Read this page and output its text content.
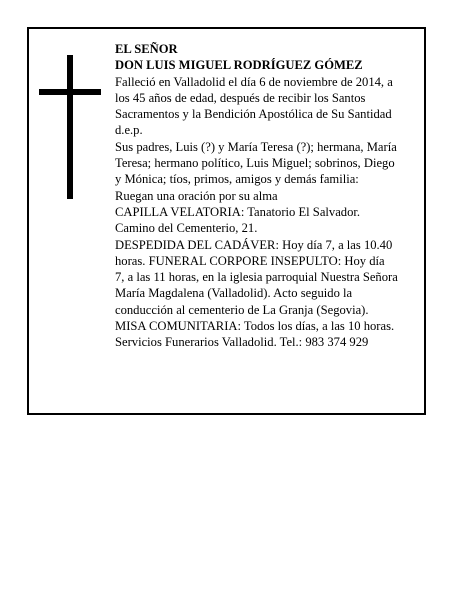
EL SEÑOR
DON LUIS MIGUEL RODRÍGUEZ GÓMEZ
Falleció en Valladolid el día 6 de noviembre de 2014, a
los 45 años de edad, después de recibir los Santos
Sacramentos y la Bendición Apostólica de Su Santidad
d.e.p.
Sus padres, Luis (?) y María Teresa (?); hermana, María
Teresa; hermano político, Luis Miguel; sobrinos, Diego
y Mónica; tíos, primos, amigos y demás familia:
Ruegan una oración por su alma
CAPILLA VELATORIA: Tanatorio El Salvador.
Camino del Cementerio, 21.
DESPEDIDA DEL CADÁVER: Hoy día 7, a las 10.40
horas. FUNERAL CORPORE INSEPULTO: Hoy día
7, a las 11 horas, en la iglesia parroquial Nuestra Señora
María Magdalena (Valladolid). Acto seguido la
conducción al cementerio de La Granja (Segovia).
MISA COMUNITARIA: Todos los días, a las 10 horas.
Servicios Funerarios Valladolid. Tel.: 983 374 929
